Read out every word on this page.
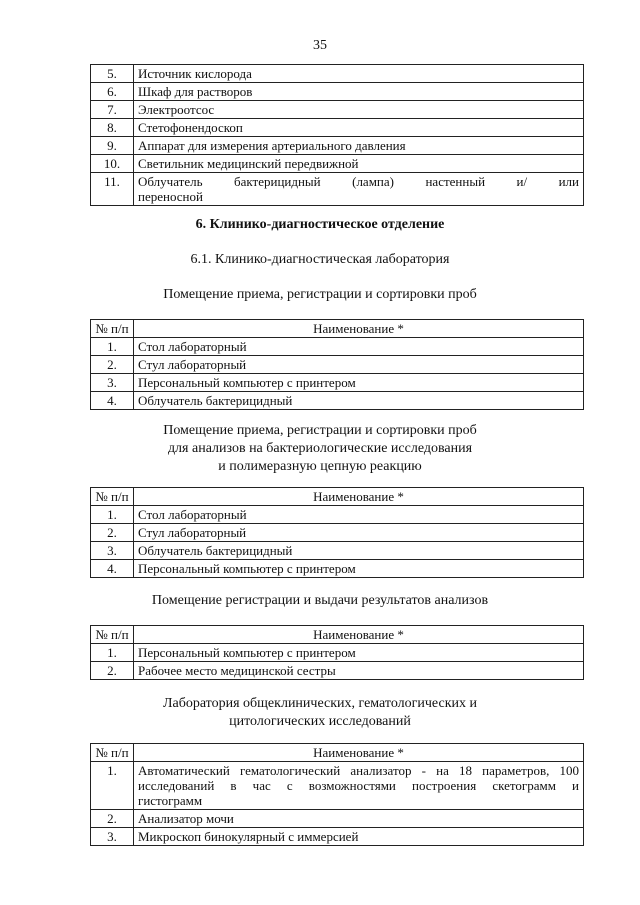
35
5.	Источник кислорода
6.	Шкаф для растворов
7.	Электроотсос
8.	Стетофонендоскоп
9.	Аппарат для измерения артериального давления
10.	Светильник медицинский передвижной
11.	Облучатель бактерицидный (лампа) настенный и/ или
переносной
6. Клинико-диагностическое отделение
6.1. Клинико-диагностическая лаборатория
Помещение приема, регистрации и сортировки проб
№ п/п	Наименование *
1.	Стол лабораторный
2.	Стул лабораторный
3.	Персональный компьютер с принтером
4.	Облучатель бактерицидный
Помещение приема, регистрации и сортировки проб
для анализов на бактериологические исследования
и полимеразную цепную реакцию
№ п/п	Наименование *
1.	Стол лабораторный
2.	Стул лабораторный
3.	Облучатель бактерицидный
4.	Персональный компьютер с принтером
Помещение регистрации и выдачи результатов анализов
№ п/п	Наименование *
1.	Персональный компьютер с принтером
2.	Рабочее место медицинской сестры
Лаборатория общеклинических, гематологических и
цитологических исследований
№ п/п	Наименование *
1.	Автоматический гематологический анализатор - на 18 параметров, 100
исследований в час с возможностями построения скетограмм и
гистограмм

2.	Анализатор мочи
3.	Микроскоп бинокулярный с иммерсией
